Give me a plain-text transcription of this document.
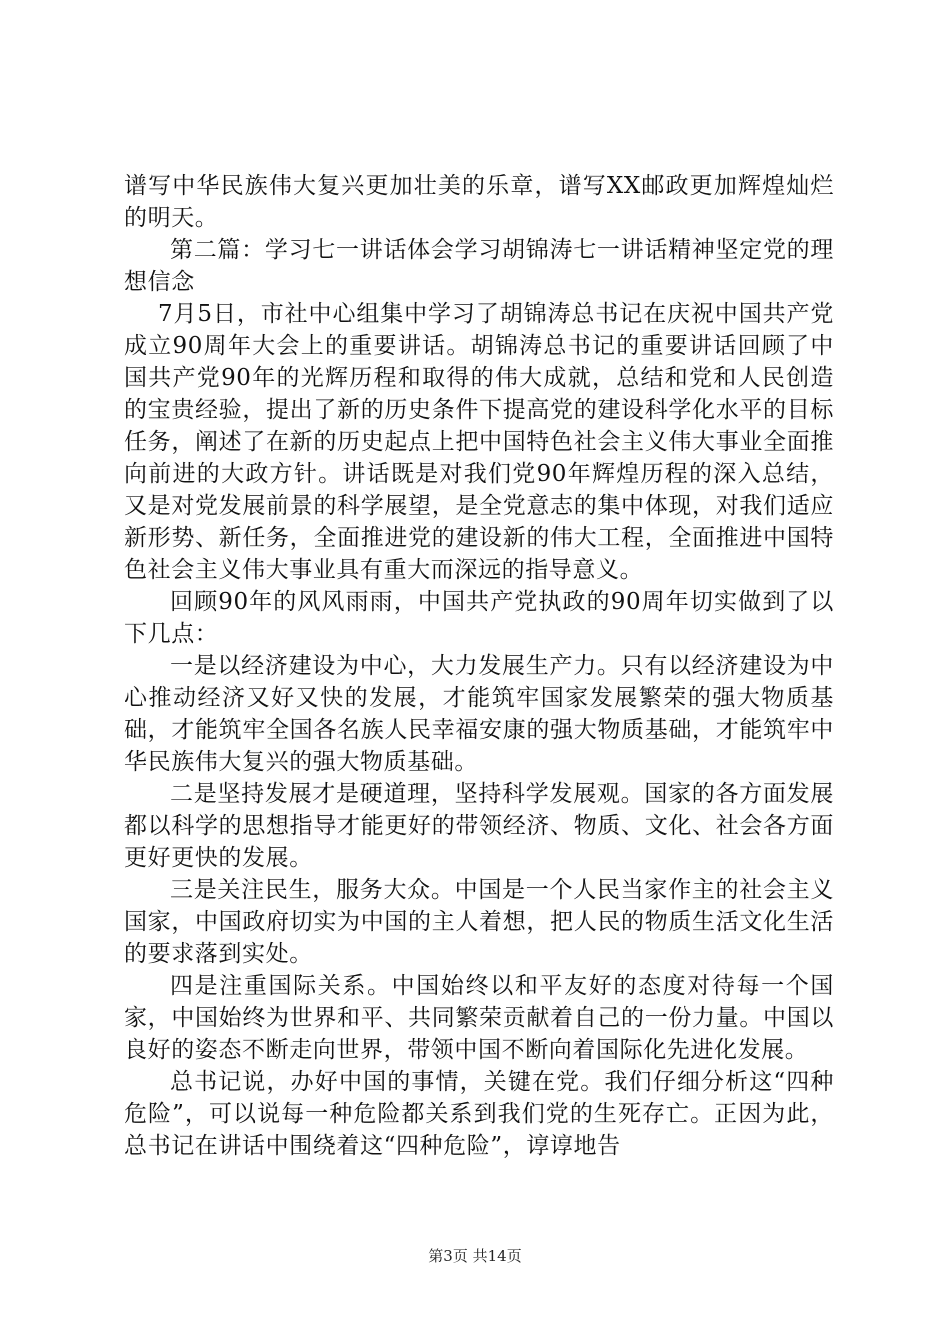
谱写中华民族伟大复兴更加壮美的乐章，谱写XX邮政更加辉煌灿烂的明天。

第二篇：学习七一讲话体会学习胡锦涛七一讲话精神坚定党的理想信念

7月5日，市社中心组集中学习了胡锦涛总书记在庆祝中国共产党成立90周年大会上的重要讲话。胡锦涛总书记的重要讲话回顾了中国共产党90年的光辉历程和取得的伟大成就，总结和党和人民创造的宝贵经验，提出了新的历史条件下提高党的建设科学化水平的目标任务，阐述了在新的历史起点上把中国特色社会主义伟大事业全面推向前进的大政方针。讲话既是对我们党90年辉煌历程的深入总结，又是对党发展前景的科学展望，是全党意志的集中体现，对我们适应新形势、新任务，全面推进党的建设新的伟大工程，全面推进中国特色社会主义伟大事业具有重大而深远的指导意义。

回顾90年的风风雨雨，中国共产党执政的90周年切实做到了以下几点：

一是以经济建设为中心，大力发展生产力。只有以经济建设为中心推动经济又好又快的发展，才能筑牢国家发展繁荣的强大物质基础，才能筑牢全国各名族人民幸福安康的强大物质基础，才能筑牢中华民族伟大复兴的强大物质基础。

二是坚持发展才是硬道理，坚持科学发展观。国家的各方面发展都以科学的思想指导才能更好的带领经济、物质、文化、社会各方面更好更快的发展。

三是关注民生，服务大众。中国是一个人民当家作主的社会主义国家，中国政府切实为中国的主人着想，把人民的物质生活文化生活的要求落到实处。

四是注重国际关系。中国始终以和平友好的态度对待每一个国家，中国始终为世界和平、共同繁荣贡献着自己的一份力量。中国以良好的姿态不断走向世界，带领中国不断向着国际化先进化发展。

总书记说，办好中国的事情，关键在党。我们仔细分析这“四种危险”，可以说每一种危险都关系到我们党的生死存亡。正因为此，总书记在讲话中围绕着这“四种危险”，谆谆地告

第3页 共14页
